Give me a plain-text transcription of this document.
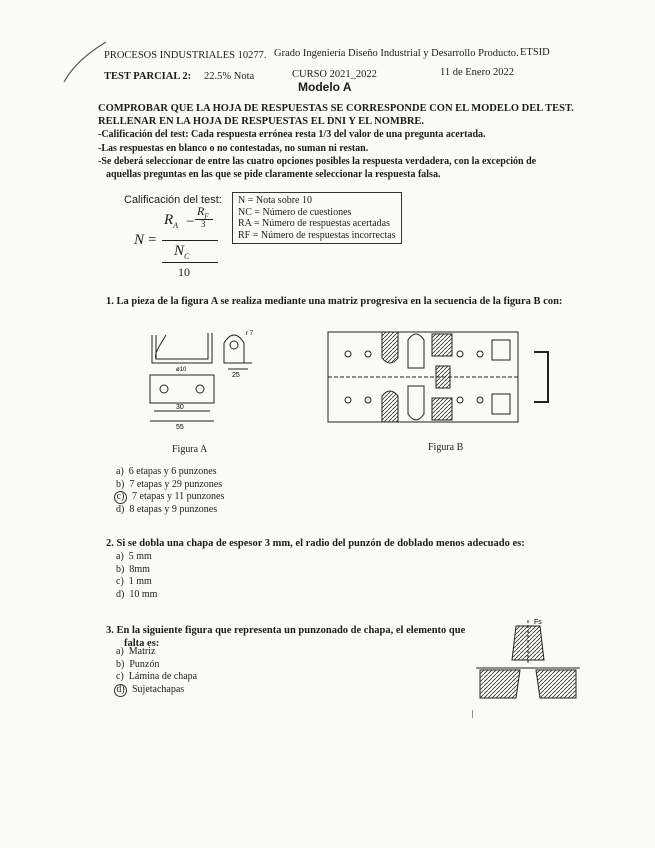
PROCESOS INDUSTRIALES 10277. Grado Ingeniería Diseño Industrial y Desarrollo Producto. ETSID
TEST PARCIAL 2: 22.5% Nota	CURSO 2021_2022	11 de Enero 2022
Modelo A
COMPROBAR QUE LA HOJA DE RESPUESTAS SE CORRESPONDE CON EL MODELO DEL TEST.
RELLENAR EN LA HOJA DE RESPUESTAS EL DNI Y EL NOMBRE.
-Calificación del test: Cada respuesta errónea resta 1/3 del valor de una pregunta acertada.
-Las respuestas en blanco o no contestadas, no suman ni restan.
-Se deberá seleccionar de entre las cuatro opciones posibles la respuesta verdadera, con la excepción de
aquellas preguntas en las que se pide claramente seleccionar la respuesta falsa.
Calificación del test:
N =
$R_A$ −
$R_F$
3
$N_C$
10
N = Nota sobre 10
NC = Número de cuestiones
RA = Número de respuestas acertadas
RF = Número de respuestas incorrectas
1. La pieza de la figura A se realiza mediante una matriz progresiva en la secuencia de la figura B con:
30
55
25
ø10
r 7
Figura A	Figura B
a) 6 etapas y 6 punzones
b) 7 etapas y 29 punzones
c) 7 etapas y 11 punzones
d) 8 etapas y 9 punzones
2. Si se dobla una chapa de espesor 3 mm, el radio del punzón de doblado menos adecuado es:
a) 5 mm
b) 8mm
c) 1 mm
d) 10 mm
3. En la siguiente figura que representa un punzonado de chapa, el elemento que
falta es:
a) Matriz
b) Punzón
c) Lámina de chapa
d) Sujetachapas
Fs
